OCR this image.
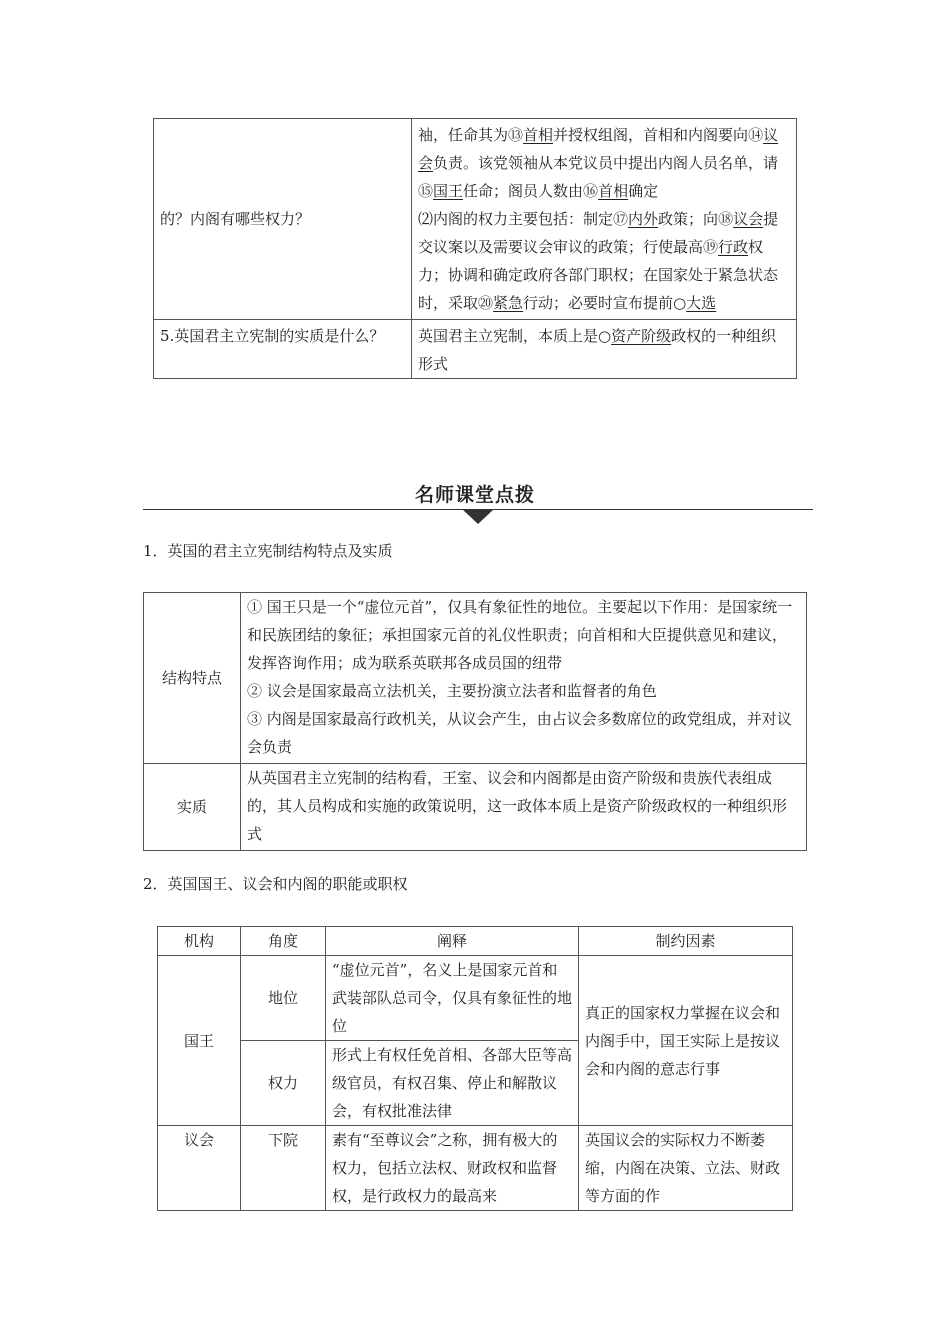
的？内阁有哪些权力？	袖，任命其为⑬首相并授权组阁，首相和内阁要向⑭议会负责。该党领袖从本党议员中提出内阁人员名单，请⑮国王任命；阁员人数由⑯首相确定
⑵内阁的权力主要包括：制定⑰内外政策；向⑱议会提交议案以及需要议会审议的政策；行使最高⑲行政权力；协调和确定政府各部门职权；在国家处于紧急状态时，采取⑳紧急行动；必要时宣布提前○大选

5.英国君主立宪制的实质是什么？	英国君主立宪制，本质上是○资产阶级政权的一种组织形式
名师课堂点拨
1．英国的君主立宪制结构特点及实质
结构特点	① 国王只是一个“虚位元首”，仅具有象征性的地位。主要起以下作用：是国家统一和民族团结的象征；承担国家元首的礼仪性职责；向首相和大臣提供意见和建议，发挥咨询作用；成为联系英联邦各成员国的纽带
② 议会是国家最高立法机关，主要扮演立法者和监督者的角色
③ 内阁是国家最高行政机关，从议会产生，由占议会多数席位的政党组成，并对议会负责

实质	从英国君主立宪制的结构看，王室、议会和内阁都是由资产阶级和贵族代表组成的，其人员构成和实施的政策说明，这一政体本质上是资产阶级政权的一种组织形式
2．英国国王、议会和内阁的职能或职权
机构	角度	阐释	制约因素
国王	地位	“虚位元首”，名义上是国家元首和武装部队总司令，仅具有象征性的地位	真正的国家权力掌握在议会和内阁手中，国王实际上是按议会和内阁的意志行事
	权力	形式上有权任免首相、各部大臣等高级官员，有权召集、停止和解散议会，有权批准法律	
议会	下院	素有“至尊议会”之称，拥有极大的权力，包括立法权、财政权和监督权，是行政权力的最高来	英国议会的实际权力不断萎缩，内阁在决策、立法、财政等方面的作
